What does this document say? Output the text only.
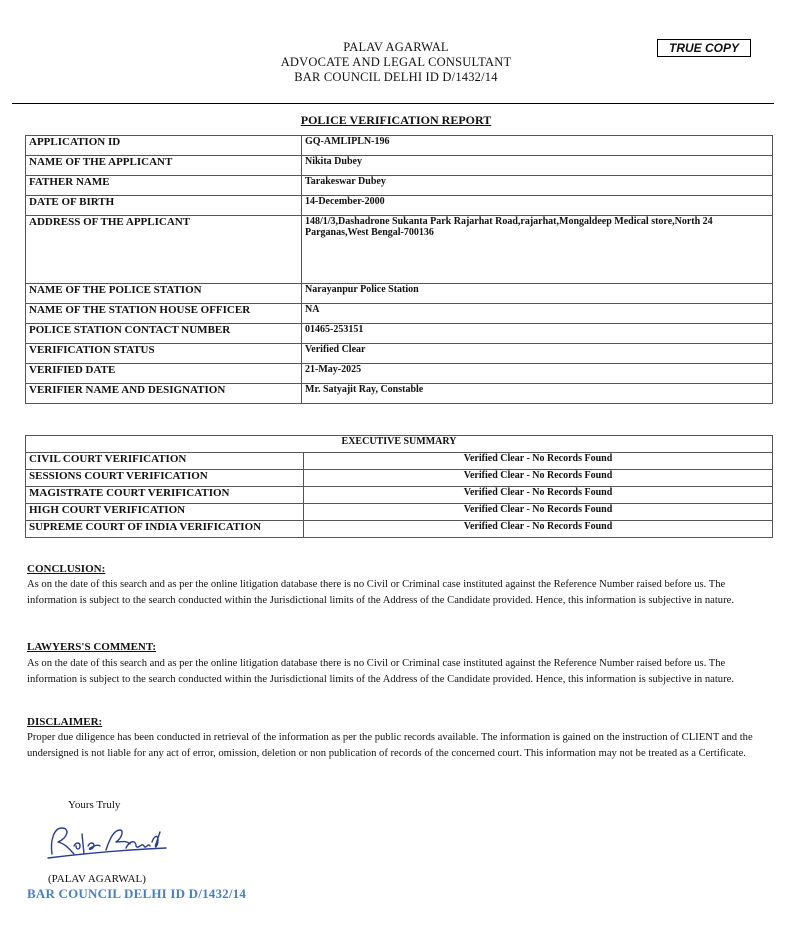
PALAV AGARWAL
ADVOCATE AND LEGAL CONSULTANT
BAR COUNCIL DELHI ID D/1432/14
TRUE COPY
POLICE VERIFICATION REPORT
APPLICATION ID	GQ-AMLIPLN-196
NAME OF THE APPLICANT	Nikita Dubey
FATHER NAME	Tarakeswar Dubey
DATE OF BIRTH	14-December-2000
ADDRESS OF THE APPLICANT	148/1/3,Dashadrone Sukanta Park Rajarhat Road,rajarhat,Mongaldeep Medical store,North 24 Parganas,West Bengal-700136
NAME OF THE POLICE STATION	Narayanpur Police Station
NAME OF THE STATION HOUSE OFFICER	NA
POLICE STATION CONTACT NUMBER	01465-253151
VERIFICATION STATUS	Verified Clear
VERIFIED DATE	21-May-2025
VERIFIER NAME AND DESIGNATION	Mr. Satyajit Ray, Constable
EXECUTIVE SUMMARY	
CIVIL COURT VERIFICATION	Verified Clear - No Records Found
SESSIONS COURT VERIFICATION	Verified Clear - No Records Found
MAGISTRATE COURT VERIFICATION	Verified Clear - No Records Found
HIGH COURT VERIFICATION	Verified Clear - No Records Found
SUPREME COURT OF INDIA VERIFICATION	Verified Clear - No Records Found
CONCLUSION:
As on the date of this search and as per the online litigation database there is no Civil or Criminal case instituted against the Reference Number raised before us. The information is subject to the search conducted within the Jurisdictional limits of the Address of the Candidate provided. Hence, this information is subjective in nature.
LAWYERS'S COMMENT:
As on the date of this search and as per the online litigation database there is no Civil or Criminal case instituted against the Reference Number raised before us. The information is subject to the search conducted within the Jurisdictional limits of the Address of the Candidate provided. Hence, this information is subjective in nature.
DISCLAIMER:
Proper due diligence has been conducted in retrieval of the information as per the public records available. The information is gained on the instruction of CLIENT and the undersigned is not liable for any act of error, omission, deletion or non publication of records of the concerned court. This information may not be treated as a Certificate.
Yours Truly
(PALAV AGARWAL)
BAR COUNCIL DELHI ID D/1432/14
